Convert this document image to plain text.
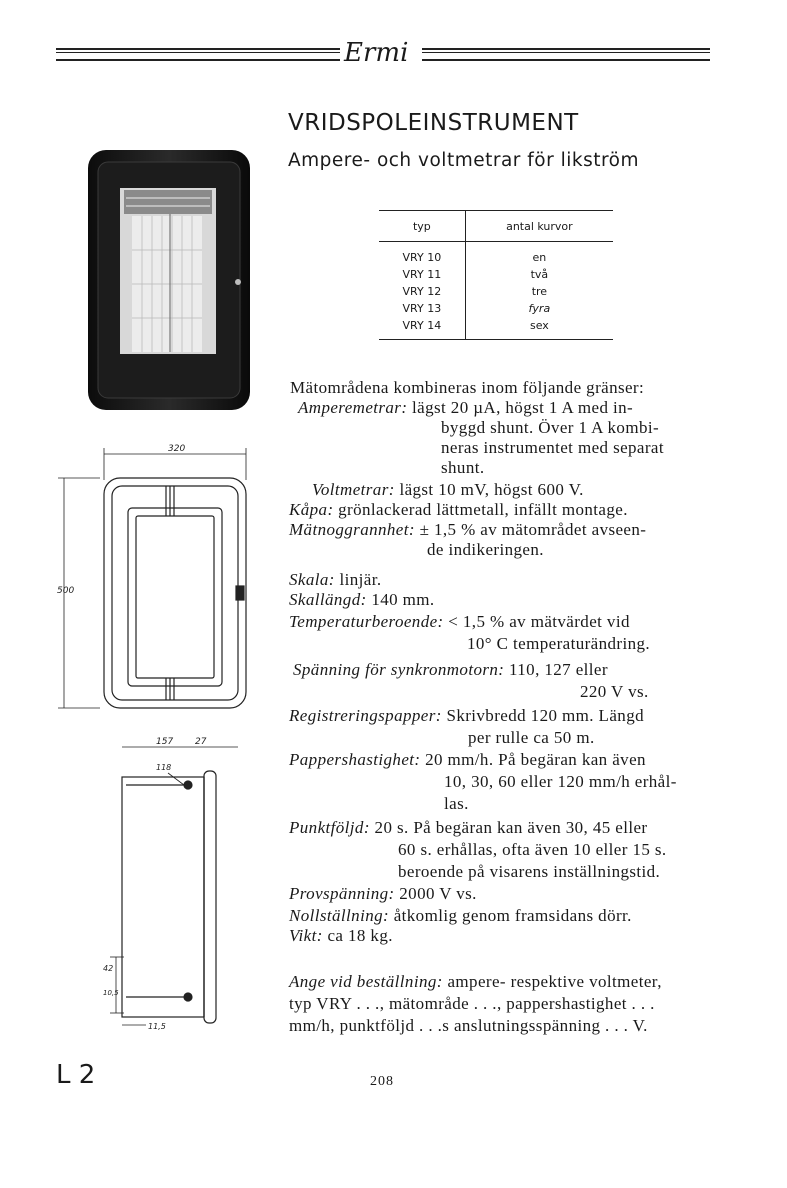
Ermi
VRIDSPOLEINSTRUMENT
Ampere- och voltmetrar för likström
typ	antal kurvor
VRY 10	en
VRY 11	två
VRY 12	tre
VRY 13	fyra
VRY 14	sex
320
500
157 27
118
42
10,5
11,5
Mätområdena kombineras inom följande gränser:
Amperemetrar: lägst 20 µA, högst 1 A med in-
byggd shunt. Över 1 A kombi-
neras instrumentet med separat
shunt.
Voltmetrar: lägst 10 mV, högst 600 V.
Kåpa: grönlackerad lättmetall, infällt montage.
Mätnoggrannhet: ± 1,5 % av mätområdet avseen-
de indikeringen.
Skala: linjär.
Skallängd: 140 mm.
Temperaturberoende: < 1,5 % av mätvärdet vid
10° C temperaturändring.
Spänning för synkronmotorn: 110, 127 eller
220 V vs.
Registreringspapper: Skrivbredd 120 mm. Längd
per rulle ca 50 m.
Pappershastighet: 20 mm/h. På begäran kan även
10, 30, 60 eller 120 mm/h erhål-
las.
Punktföljd: 20 s. På begäran kan även 30, 45 eller
60 s. erhållas, ofta även 10 eller 15 s.
beroende på visarens inställningstid.
Provspänning: 2000 V vs.
Nollställning: åtkomlig genom framsidans dörr.
Vikt: ca 18 kg.
Ange vid beställning: ampere- respektive voltmeter,
typ VRY . . ., mätområde . . ., pappershastighet . . .
mm/h, punktföljd . . .s anslutningsspänning . . . V.
L 2	208
